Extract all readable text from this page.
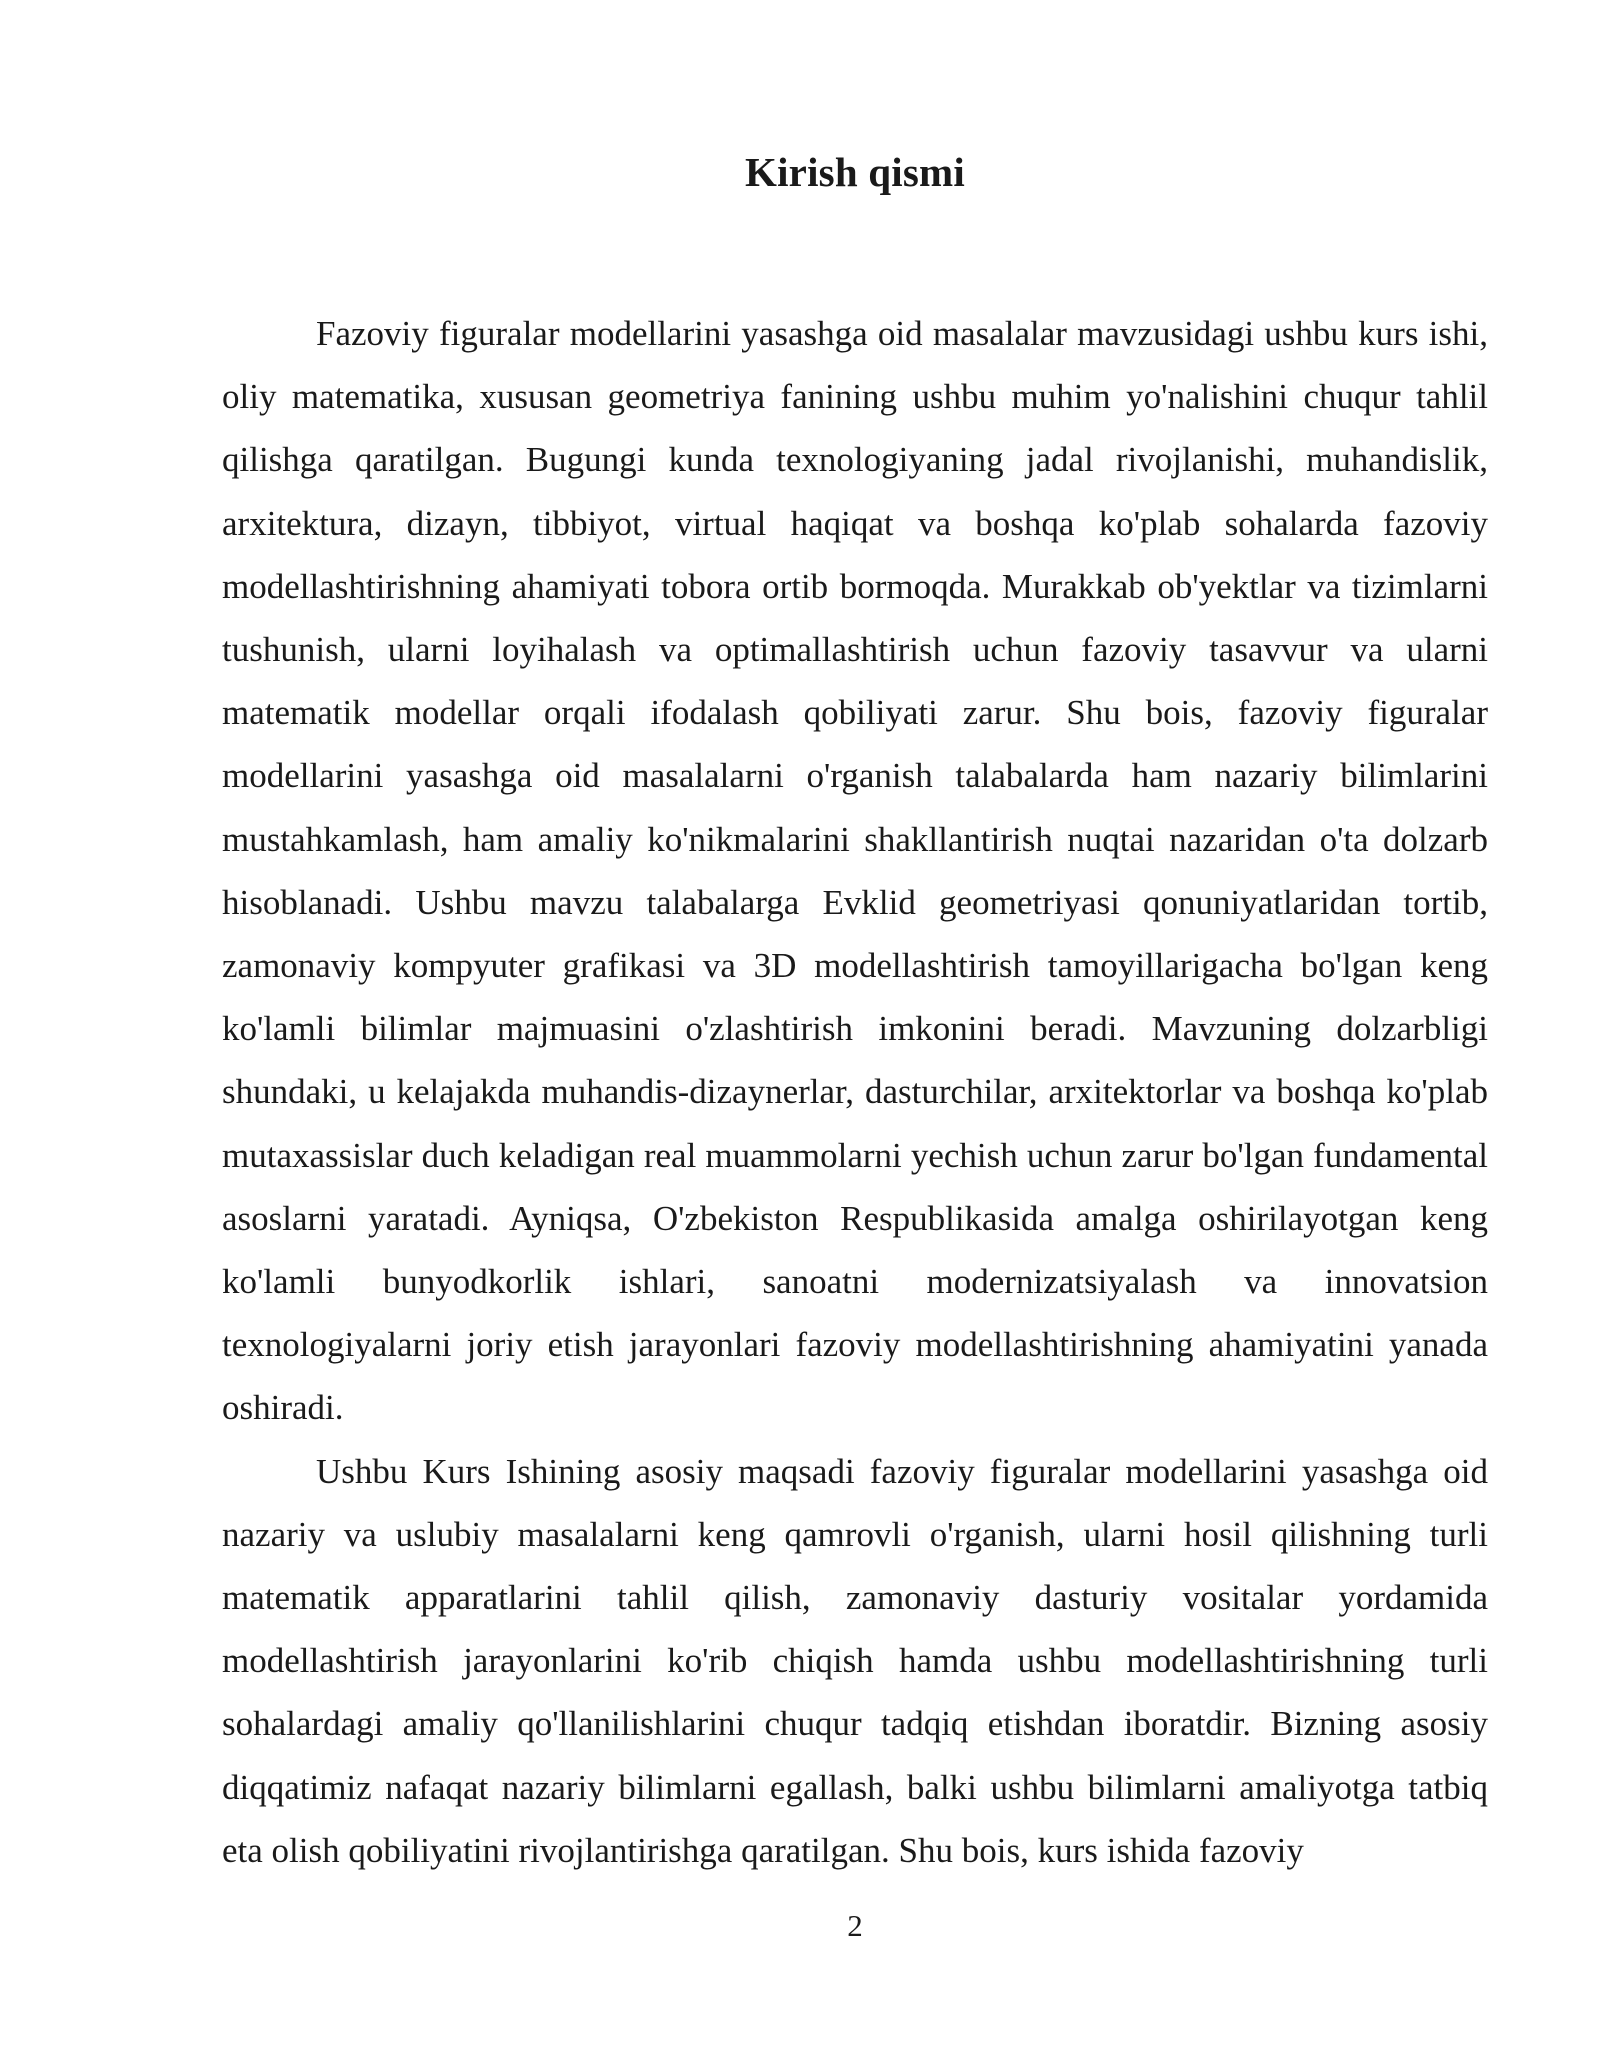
Kirish qismi

Fazoviy figuralar modellarini yasashga oid masalalar mavzusidagi ushbu kurs ishi, oliy matematika, xususan geometriya fanining ushbu muhim yo'nalishini chuqur tahlil qilishga qaratilgan. Bugungi kunda texnologiyaning jadal rivojlanishi, muhandislik, arxitektura, dizayn, tibbiyot, virtual haqiqat va boshqa ko'plab sohalarda fazoviy modellashtirishning ahamiyati tobora ortib bormoqda. Murakkab ob'yektlar va tizimlarni tushunish, ularni loyihalash va optimallashtirish uchun fazoviy tasavvur va ularni matematik modellar orqali ifodalash qobiliyati zarur. Shu bois, fazoviy figuralar modellarini yasashga oid masalalarni o'rganish talabalarda ham nazariy bilimlarini mustahkamlash, ham amaliy ko'nikmalarini shakllantirish nuqtai nazaridan o'ta dolzarb hisoblanadi. Ushbu mavzu talabalarga Evklid geometriyasi qonuniyatlaridan tortib, zamonaviy kompyuter grafikasi va 3D modellashtirish tamoyillarigacha bo'lgan keng ko'lamli bilimlar majmuasini o'zlashtirish imkonini beradi. Mavzuning dolzarbligi shundaki, u kelajakda muhandis-dizaynerlar, dasturchilar, arxitektorlar va boshqa ko'plab mutaxassislar duch keladigan real muammolarni yechish uchun zarur bo'lgan fundamental asoslarni yaratadi. Ayniqsa, O'zbekiston Respublikasida amalga oshirilayotgan keng ko'lamli bunyodkorlik ishlari, sanoatni modernizatsiyalash va innovatsion texnologiyalarni joriy etish jarayonlari fazoviy modellashtirishning ahamiyatini yanada oshiradi.

Ushbu Kurs Ishining asosiy maqsadi fazoviy figuralar modellarini yasashga oid nazariy va uslubiy masalalarni keng qamrovli o'rganish, ularni hosil qilishning turli matematik apparatlarini tahlil qilish, zamonaviy dasturiy vositalar yordamida modellashtirish jarayonlarini ko'rib chiqish hamda ushbu modellashtirishning turli sohalardagi amaliy qo'llanilishlarini chuqur tadqiq etishdan iboratdir. Bizning asosiy diqqatimiz nafaqat nazariy bilimlarni egallash, balki ushbu bilimlarni amaliyotga tatbiq eta olish qobiliyatini rivojlantirishga qaratilgan. Shu bois, kurs ishida fazoviy

2
